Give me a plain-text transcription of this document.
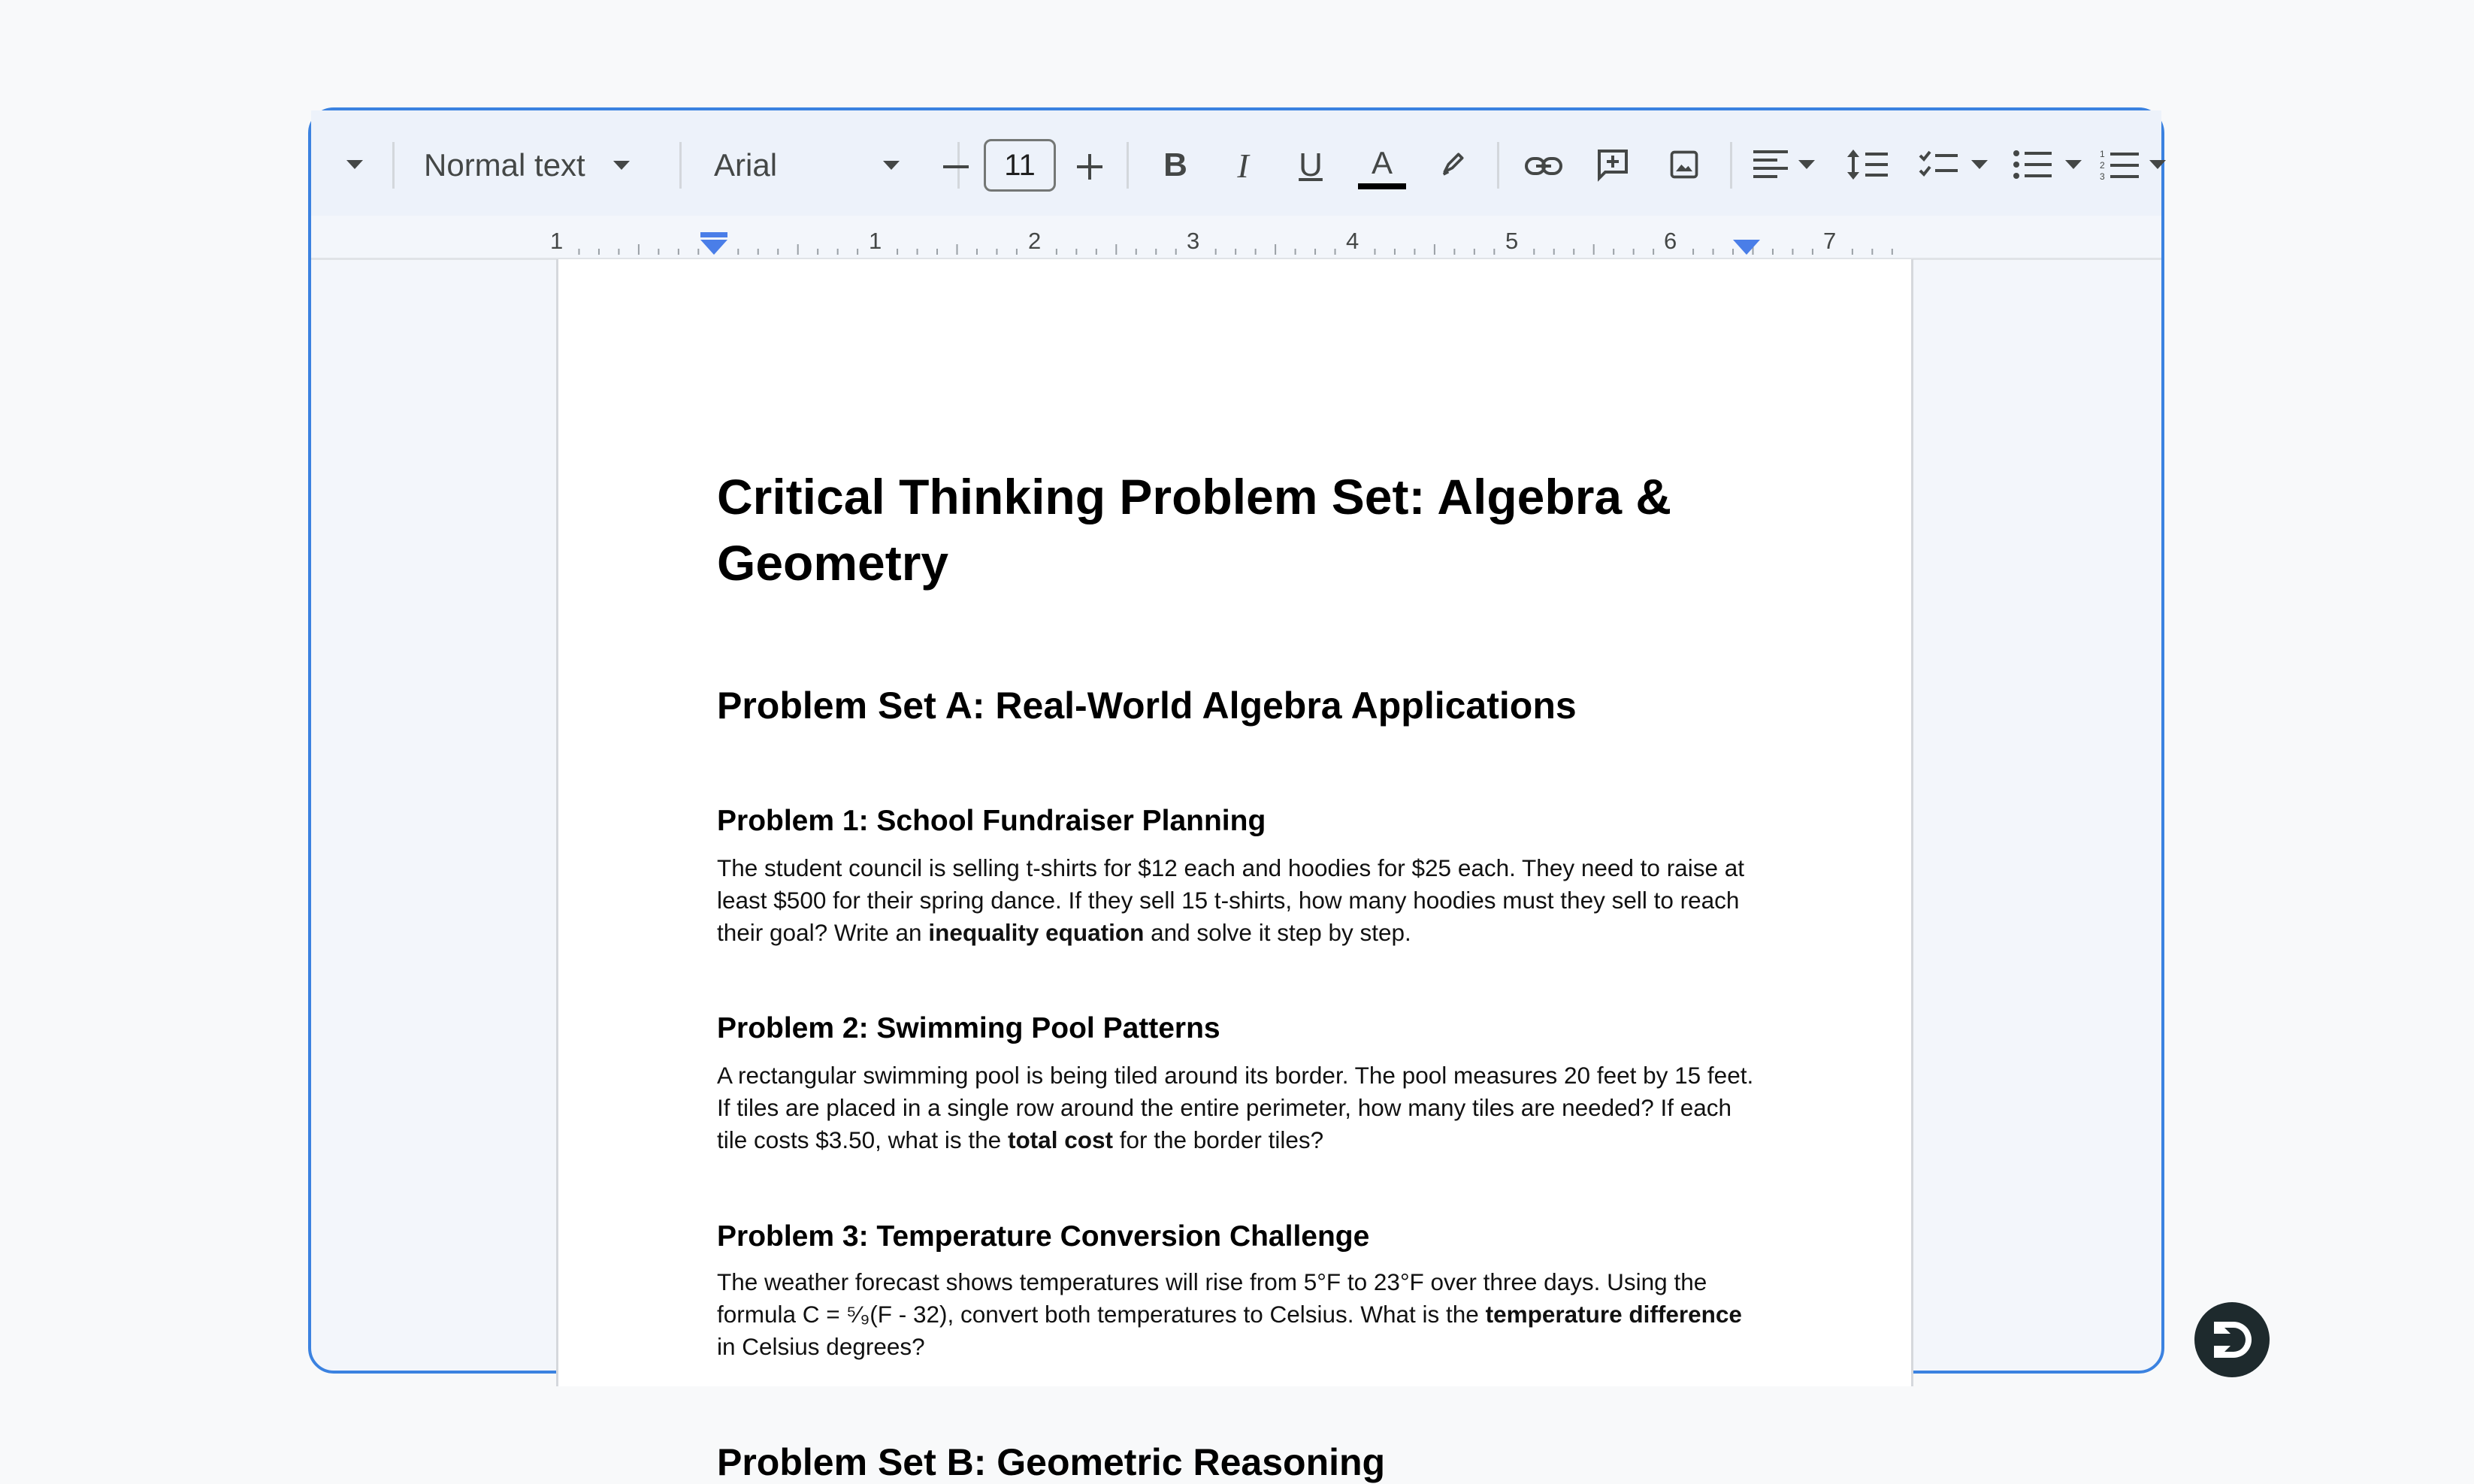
Normal text	Arial	11	B I U A	1
2
3
1	1	2	3	4	5	6	7
Critical Thinking Problem Set: Algebra & Geometry
Problem Set A: Real-World Algebra Applications
Problem 1: School Fundraiser Planning
The student council is selling t-shirts for $12 each and hoodies for $25 each. They need to raise at least $500 for their spring dance. If they sell 15 t-shirts, how many hoodies must they sell to reach their goal? Write an inequality equation and solve it step by step.
Problem 2: Swimming Pool Patterns
A rectangular swimming pool is being tiled around its border. The pool measures 20 feet by 15 feet. If tiles are placed in a single row around the entire perimeter, how many tiles are needed? If each tile costs $3.50, what is the total cost for the border tiles?
Problem 3: Temperature Conversion Challenge
The weather forecast shows temperatures will rise from 5°F to 23°F over three days. Using the formula C = ⁵⁄₉(F - 32), convert both temperatures to Celsius. What is the temperature difference in Celsius degrees?
Problem Set B: Geometric Reasoning
